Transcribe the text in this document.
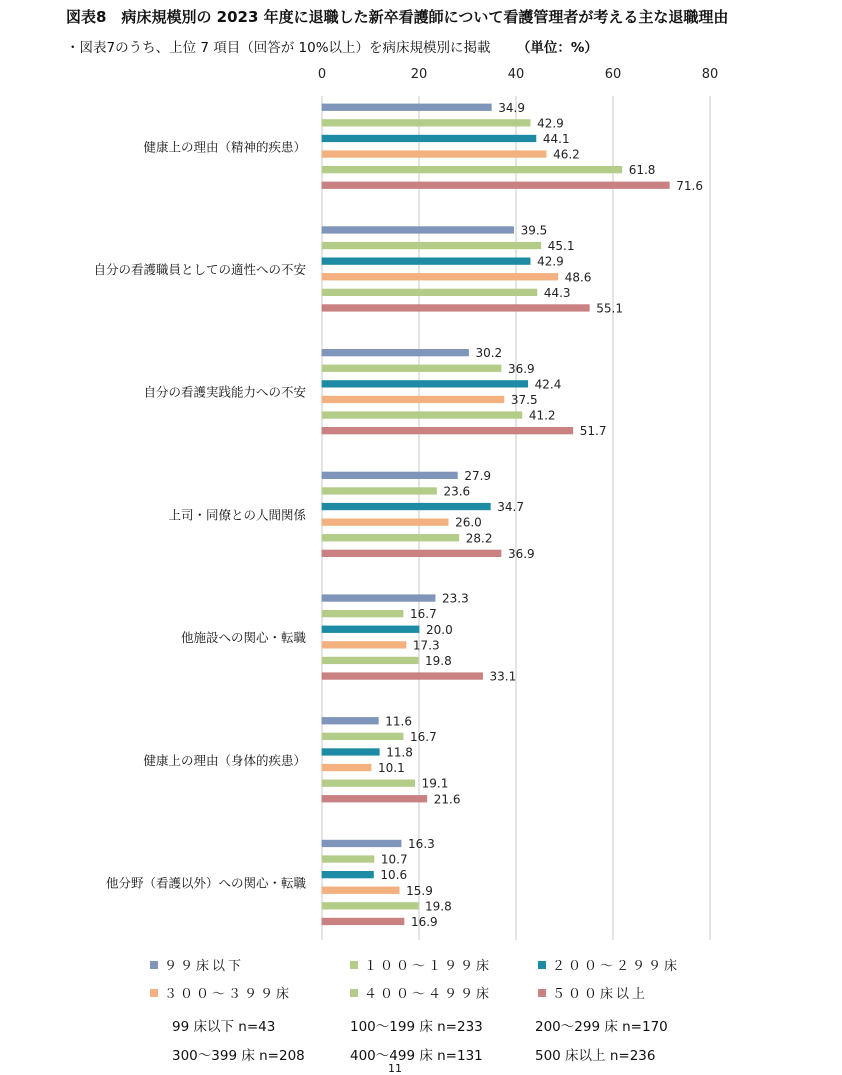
図表8　病床規模別の 2023 年度に退職した新卒看護師について看護管理者が考える主な退職理由
・図表7のうち、上位 7 項目（回答が 10%以上）を病床規模別に掲載 （単位：%）
0	20	40	60	80
健康上の理由（精神的疾患）
34.9
42.9
44.1
46.2
61.8
71.6
自分の看護職員としての適性への不安
39.5
45.1
42.9
48.6
44.3
55.1
自分の看護実践能力への不安
30.2
36.9
42.4
37.5
41.2
51.7
上司・同僚との人間関係
27.9
23.6
34.7
26.0
28.2
36.9
他施設への関心・転職
23.3
16.7
20.0
17.3
19.8
33.1
健康上の理由（身体的疾患）
11.6
16.7
11.8
10.1
19.1
21.6
他分野（看護以外）への関心・転職
16.3
10.7
10.6
15.9
19.8
16.9
９９床以下	１００～１９９床	２００～２９９床
３００～３９９床	４００～４９９床	５００床以上
99 床以下 n=43	100～199 床 n=233	200～299 床 n=170
300～399 床 n=208	400～499 床 n=131	500 床以上 n=236
11
